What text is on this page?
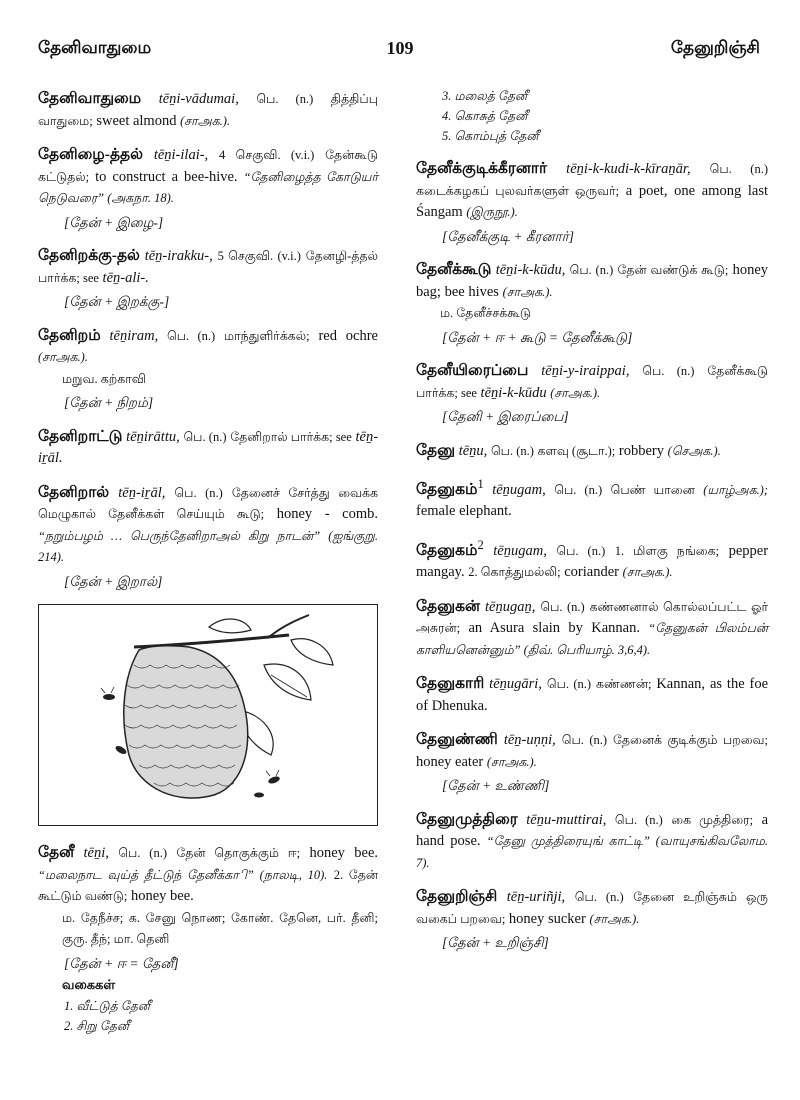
தேனிவாதுமை	109	தேனுறிஞ்சி
தேனிவாதுமை tēṉi-vādumai, பெ. (n.) தித்திப்பு வாதுமை; sweet almond (சாஅக.).
தேனிழை-த்தல் tēṉi-ilai-, 4 செகுவி. (v.i.) தேன்கூடு கட்டுதல்; to construct a bee-hive. “தேனிழைத்த கோடுயர் நெடுவரை” (அகநா. 18).
[தேன் + இழை-]
தேனிறக்கு-தல் tēṉ-irakku-, 5 செகுவி. (v.i.) தேனழி-த்தல் பார்க்க; see tēṉ-ali-.
[தேன் + இறக்கு-]
தேனிறம் tēṉiram, பெ. (n.) மாந்துளிர்க்கல்; red ochre (சாஅக.).
மறுவ. கற்காவி
[தேன் + நிறம்]
தேனிறாட்டு tēṉirāttu, பெ. (n.) தேனிறால் பார்க்க; see tēṉ-iṟāl.
தேனிறால் tēṉ-iṟāl, பெ. (n.) தேனைச் சேர்த்து வைக்க மெழுகால் தேனீக்கள் செய்யும் கூடு; honey - comb. “நறும்பழம் … பெருந்தேனிறாஅல் கிறு நாடன்” (ஐங்குறு. 214).
[தேன் + இறால்]
தேனீ tēṉi, பெ. (n.) தேன் தொகுக்கும் ஈ; honey bee. “மலைநாட வுய்த் தீட்டுந் தேனீக்காி” (நாலடி, 10). 2. தேன் கூட்டும் வண்டு; honey bee.
ம. தேநீச்ச; க. சேனு நொண; கோண். தேனெ, பர். தீனி; குரு. தீந்; மா. தெனி
[தேன் + ஈ = தேனீ]
வகைகள்
1. வீட்டுத் தேனீ
2. சிறு தேனீ
3. மலைத் தேனீ
4. கொசுத் தேனீ
5. கொம்புத் தேனீ
தேனீக்குடிக்கீரனார் tēṉi-k-kudi-k-kīraṉār, பெ. (n.) கடைக்கழகப் புலவர்களுள் ஒருவர்; a poet, one among last Śangam (இருநூ.).
[தேனீக்குடி + கீரனார்]
தேனீக்கூடு tēṉi-k-kūdu, பெ. (n.) தேன் வண்டுக் கூடு; honey bag; bee hives (சாஅக.).
ம. தேனீச்சக்கூடு
[தேன் + ஈ + கூடு = தேனீக்கூடு]
தேனீயிரைப்பை tēṉi-y-iraippai, பெ. (n.) தேனீக்கூடு பார்க்க; see tēṉi-k-kūdu (சாஅக.).
[தேனி + இரைப்பை]
தேனு tēṉu, பெ. (n.) களவு (சூடா.); robbery (செஅக.).
தேனுகம்$^1$ tēṉugam, பெ. (n.) பெண் யானை (யாழ்அக.); female elephant.
தேனுகம்$^2$ tēṉugam, பெ. (n.) 1. மிளகு நங்கை; pepper mangay. 2. கொத்துமல்லி; coriander (சாஅக.).
தேனுகன் tēṉugaṉ, பெ. (n.) கண்ணனால் கொல்லப்பட்ட ஓர் அசுரன்; an Asura slain by Kannan. “தேனுகன் பிலம்பன் காளியனென்னும்” (திவ். பெரியாழ். 3,6,4).
தேனுகாரி tēṉugāri, பெ. (n.) கண்ணன்; Kannan, as the foe of Dhenuka.
தேனுண்ணி tēṉ-uṇṇi, பெ. (n.) தேனைக் குடிக்கும் பறவை; honey eater (சாஅக.).
[தேன் + உண்ணி]
தேனுமுத்திரை tēṉu-muttirai, பெ. (n.) கை முத்திரை; a hand pose. “தேனு முத்திரையுங் காட்டி” (வாயுசங்கிவலோம. 7).
தேனுறிஞ்சி tēṉ-uriñji, பெ. (n.) தேனை உறிஞ்சும் ஒரு வகைப் பறவை; honey sucker (சாஅக.).
[தேன் + உறிஞ்சி]
